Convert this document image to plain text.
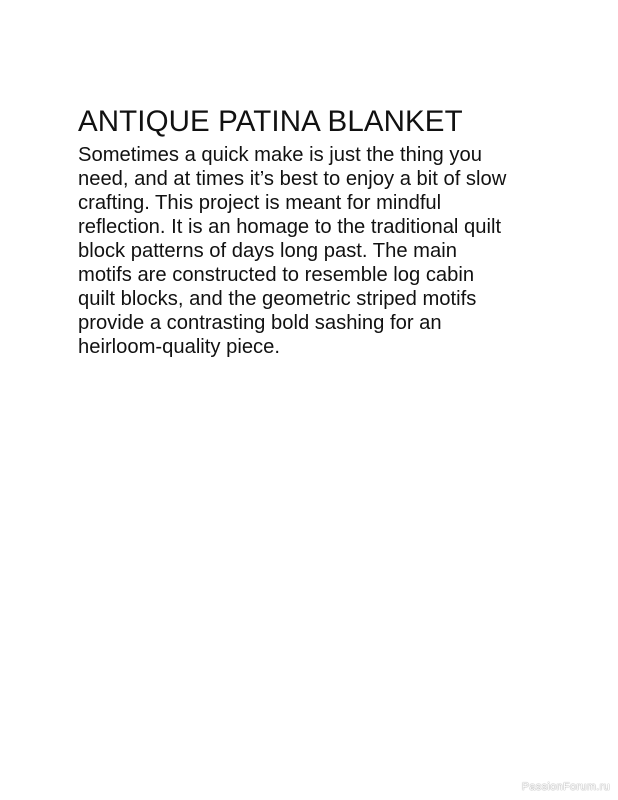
ANTIQUE PATINA BLANKET

Sometimes a quick make is just the thing you
need, and at times it’s best to enjoy a bit of slow
crafting. This project is meant for mindful
reflection. It is an homage to the traditional quilt
block patterns of days long past. The main
motifs are constructed to resemble log cabin
quilt blocks, and the geometric striped motifs
provide a contrasting bold sashing for an
heirloom-quality piece.

PassionForum.ru
